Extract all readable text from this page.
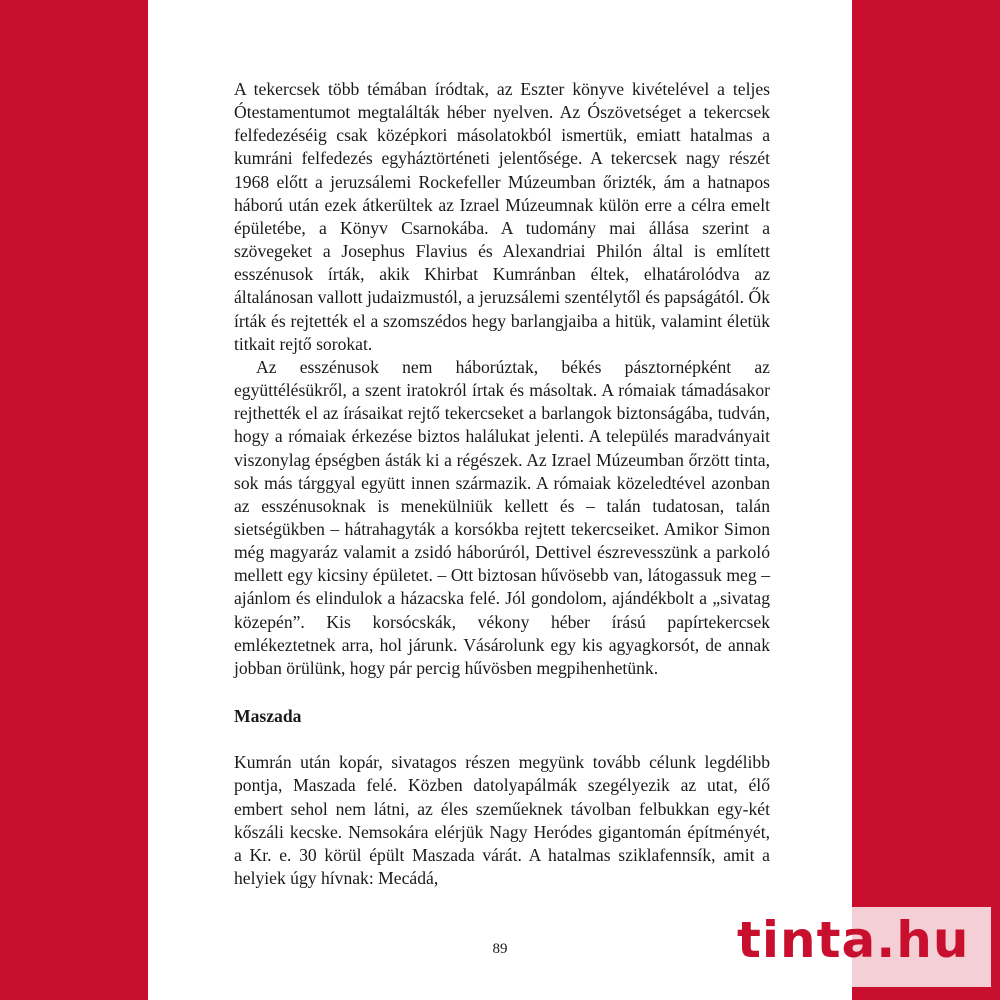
A tekercsek több témában íródtak, az Eszter könyve kivételével a teljes Ótestamentumot megtalálták héber nyelven. Az Ószövetséget a tekercsek felfedezéséig csak középkori másolatokból ismertük, emiatt hatalmas a kumráni felfedezés egyháztörténeti jelentősége. A tekercsek nagy részét 1968 előtt a jeruzsálemi Rockefeller Múzeumban őrizték, ám a hatnapos háború után ezek átkerültek az Izrael Múzeumnak külön erre a célra emelt épületébe, a Könyv Csarnokába. A tudomány mai állása szerint a szövegeket a Josephus Flavius és Alexandriai Philón által is említett esszénusok írták, akik Khirbat Kumránban éltek, elhatárolódva az általánosan vallott judaizmustól, a jeruzsálemi szentélytől és papságától. Ők írták és rejtették el a szomszédos hegy barlangjaiba a hitük, valamint életük titkait rejtő sorokat.

Az esszénusok nem háborúztak, békés pásztornépként az együttélésükről, a szent iratokról írtak és másoltak. A rómaiak támadásakor rejthették el az írásaikat rejtő tekercseket a barlangok biztonságába, tudván, hogy a rómaiak érkezése biztos halálukat jelenti. A település maradványait viszonylag épségben ásták ki a régészek. Az Izrael Múzeumban őrzött tinta, sok más tárggyal együtt innen származik. A rómaiak közeledtével azonban az esszénusoknak is menekülniük kellett és – talán tudatosan, talán sietségükben – hátrahagyták a korsókba rejtett tekercseiket. Amikor Simon még magyaráz valamit a zsidó háborúról, Dettivel észrevesszünk a parkoló mellett egy kicsiny épületet. – Ott biztosan hűvösebb van, látogassuk meg – ajánlom és elindulok a házacska felé. Jól gondolom, ajándékbolt a „sivatag közepén”. Kis korsócskák, vékony héber írású papírtekercsek emlékeztetnek arra, hol járunk. Vásárolunk egy kis agyagkorsót, de annak jobban örülünk, hogy pár percig hűvösben megpihenhetünk.

Maszada

Kumrán után kopár, sivatagos részen megyünk tovább célunk legdélibb pontja, Maszada felé. Közben datolyapálmák szegélyezik az utat, élő embert sehol nem látni, az éles szeműeknek távolban felbukkan egy-két kőszáli kecske. Nemsokára elérjük Nagy Heródes gigantomán építményét, a Kr. e. 30 körül épült Maszada várát. A hatalmas sziklafennsík, amit a helyiek úgy hívnak: Mecádá,

89	tinta.hu
